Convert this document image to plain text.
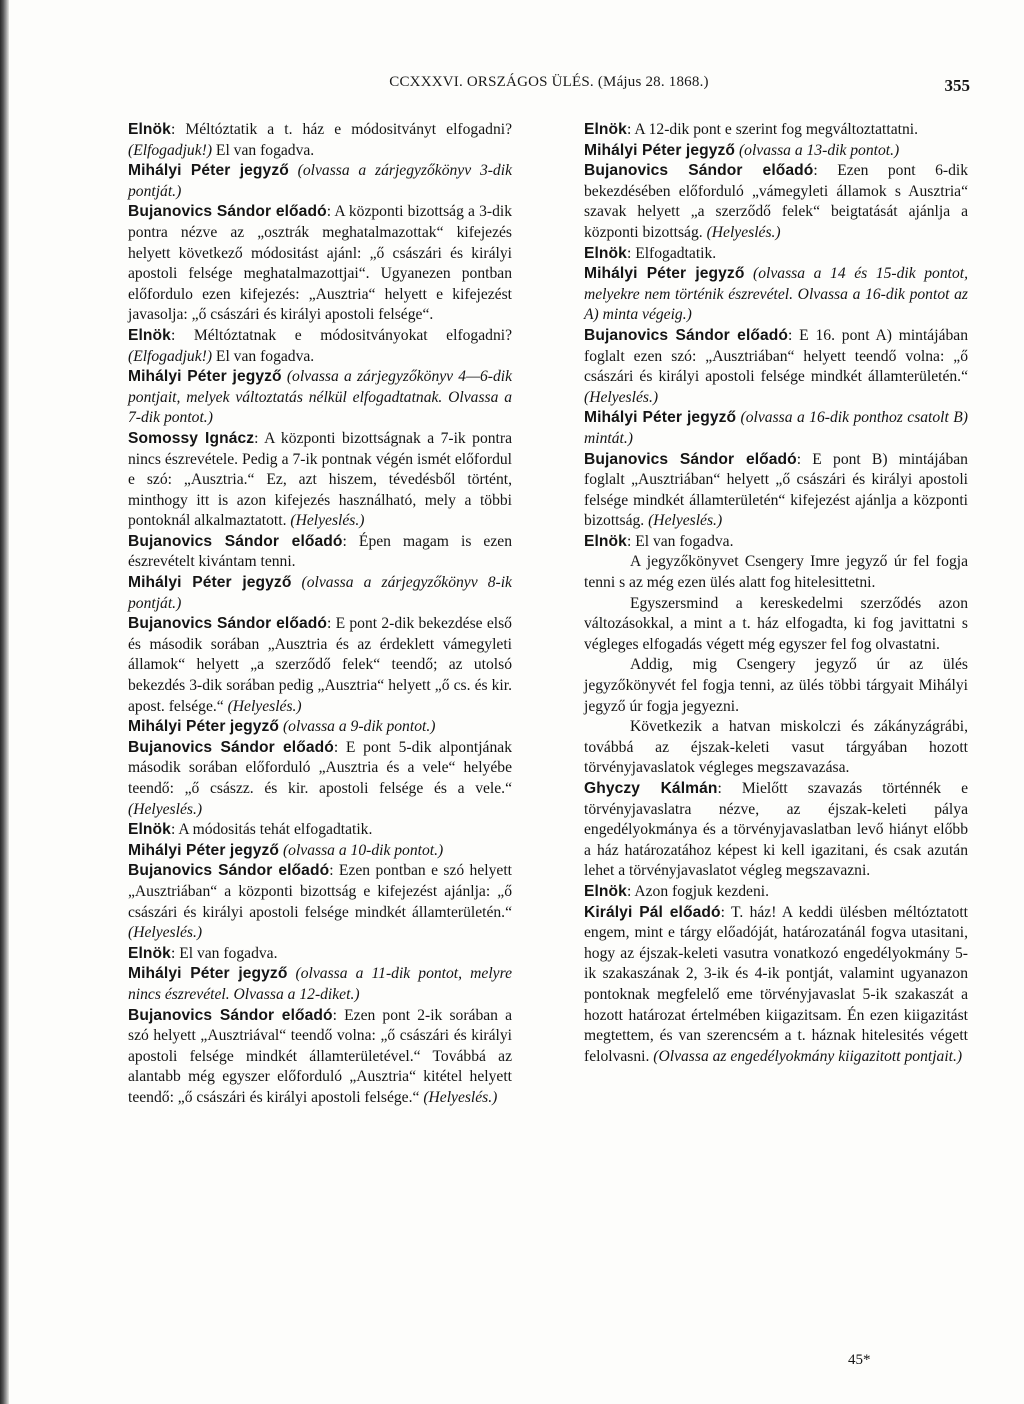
CCXXXVI. ORSZÁGOS ÜLÉS. (Május 28. 1868.)	355

Elnök: Méltóztatik a t. ház e módositványt elfogadni? (Elfogadjuk!) El van fogadva.

Mihályi Péter jegyző (olvassa a zárjegyzőkönyv 3-dik pontját.)

Bujanovics Sándor előadó: A központi bizottság a 3-dik pontra nézve az „osztrák meghatalmazottak“ kifejezés helyett következő módositást ajánl: „ő császári és királyi apostoli felsége meghatalmazottjai“. Ugyanezen pontban előfordulo ezen kifejezés: „Ausztria“ helyett e kifejezést javasolja: „ő császári és királyi apostoli felsége“.

Elnök: Méltóztatnak e módositványokat elfogadni? (Elfogadjuk!) El van fogadva.

Mihályi Péter jegyző (olvassa a zárjegyzőkönyv 4—6-dik pontjait, melyek változtatás nélkül elfogadtatnak. Olvassa a 7-dik pontot.)

Somossy Ignácz: A központi bizottságnak a 7-ik pontra nincs észrevétele. Pedig a 7-ik pontnak végén ismét előfordul e szó: „Ausztria.“ Ez, azt hiszem, tévedésből történt, minthogy itt is azon kifejezés használható, mely a többi pontoknál alkalmaztatott. (Helyeslés.)

Bujanovics Sándor előadó: Épen magam is ezen észrevételt kivántam tenni.

Mihályi Péter jegyző (olvassa a zárjegyzőkönyv 8-ik pontját.)

Bujanovics Sándor előadó: E pont 2-dik bekezdése első és második sorában „Ausztria és az érdeklett vámegyleti államok“ helyett „a szerződő felek“ teendő; az utolsó bekezdés 3-dik sorában pedig „Ausztria“ helyett „ő cs. és kir. apost. felsége.“ (Helyeslés.)

Mihályi Péter jegyző (olvassa a 9-dik pontot.)

Bujanovics Sándor előadó: E pont 5-dik alpontjának második sorában előforduló „Ausztria és a vele“ helyébe teendő: „ő császz. és kir. apostoli felsége és a vele.“ (Helyeslés.)

Elnök: A módositás tehát elfogadtatik.

Mihályi Péter jegyző (olvassa a 10-dik pontot.)

Bujanovics Sándor előadó: Ezen pontban e szó helyett „Ausztriában“ a központi bizottság e kifejezést ajánlja: „ő császári és királyi apostoli felsége mindkét államterületén.“ (Helyeslés.)

Elnök: El van fogadva.

Mihályi Péter jegyző (olvassa a 11-dik pontot, melyre nincs észrevétel. Olvassa a 12-diket.)

Bujanovics Sándor előadó: Ezen pont 2-ik sorában a szó helyett „Ausztriával“ teendő volna: „ő császári és királyi apostoli felsége mindkét államterületével.“ Továbbá az alantabb még egyszer előforduló „Ausztria“ kitétel helyett teendő: „ő császári és királyi apostoli felsége.“ (Helyeslés.)

Elnök: A 12-dik pont e szerint fog megváltoztattatni.

Mihályi Péter jegyző (olvassa a 13-dik pontot.)

Bujanovics Sándor előadó: Ezen pont 6-dik bekezdésében előforduló „vámegyleti államok s Ausztria“ szavak helyett „a szerződő felek“ beigtatását ajánlja a központi bizottság. (Helyeslés.)

Elnök: Elfogadtatik.

Mihályi Péter jegyző (olvassa a 14 és 15-dik pontot, melyekre nem történik észrevétel. Olvassa a 16-dik pontot az A) minta végeig.)

Bujanovics Sándor előadó: E 16. pont A) mintájában foglalt ezen szó: „Ausztriában“ helyett teendő volna: „ő császári és királyi apostoli felsége mindkét államterületén.“ (Helyeslés.)

Mihályi Péter jegyző (olvassa a 16-dik ponthoz csatolt B) mintát.)

Bujanovics Sándor előadó: E pont B) mintájában foglalt „Ausztriában“ helyett „ő császári és királyi apostoli felsége mindkét államterületén“ kifejezést ajánlja a központi bizottság. (Helyeslés.)

Elnök: El van fogadva.

A jegyzőkönyvet Csengery Imre jegyző úr fel fogja tenni s az még ezen ülés alatt fog hitelesittetni.

Egyszersmind a kereskedelmi szerződés azon változásokkal, a mint a t. ház elfogadta, ki fog javittatni s végleges elfogadás végett még egyszer fel fog olvastatni.

Addig, mig Csengery jegyző úr az ülés jegyzőkönyvét fel fogja tenni, az ülés többi tárgyait Mihályi jegyző úr fogja jegyezni.

Következik a hatvan miskolczi és zákányzágrábi, továbbá az éjszak-keleti vasut tárgyában hozott törvényjavaslatok végleges megszavazása.

Ghyczy Kálmán: Mielőtt szavazás történnék e törvényjavaslatra nézve, az éjszak-keleti pálya engedélyokmánya és a törvényjavaslatban levő hiányt előbb a ház határozatához képest ki kell igazitani, és csak azután lehet a törvényjavaslatot végleg megszavazni.

Elnök: Azon fogjuk kezdeni.

Királyi Pál előadó: T. ház! A keddi ülésben méltóztatott engem, mint e tárgy előadóját, határozatánál fogva utasitani, hogy az éjszak-keleti vasutra vonatkozó engedélyokmány 5-ik szakaszának 2, 3-ik és 4-ik pontját, valamint ugyanazon pontoknak megfelelő eme törvényjavaslat 5-ik szakaszát a hozott határozat értelmében kiigazitsam. Én ezen kiigazitást megtettem, és van szerencsém a t. háznak hitelesités végett felolvasni. (Olvassa az engedélyokmány kiigazitott pontjait.)

45*
